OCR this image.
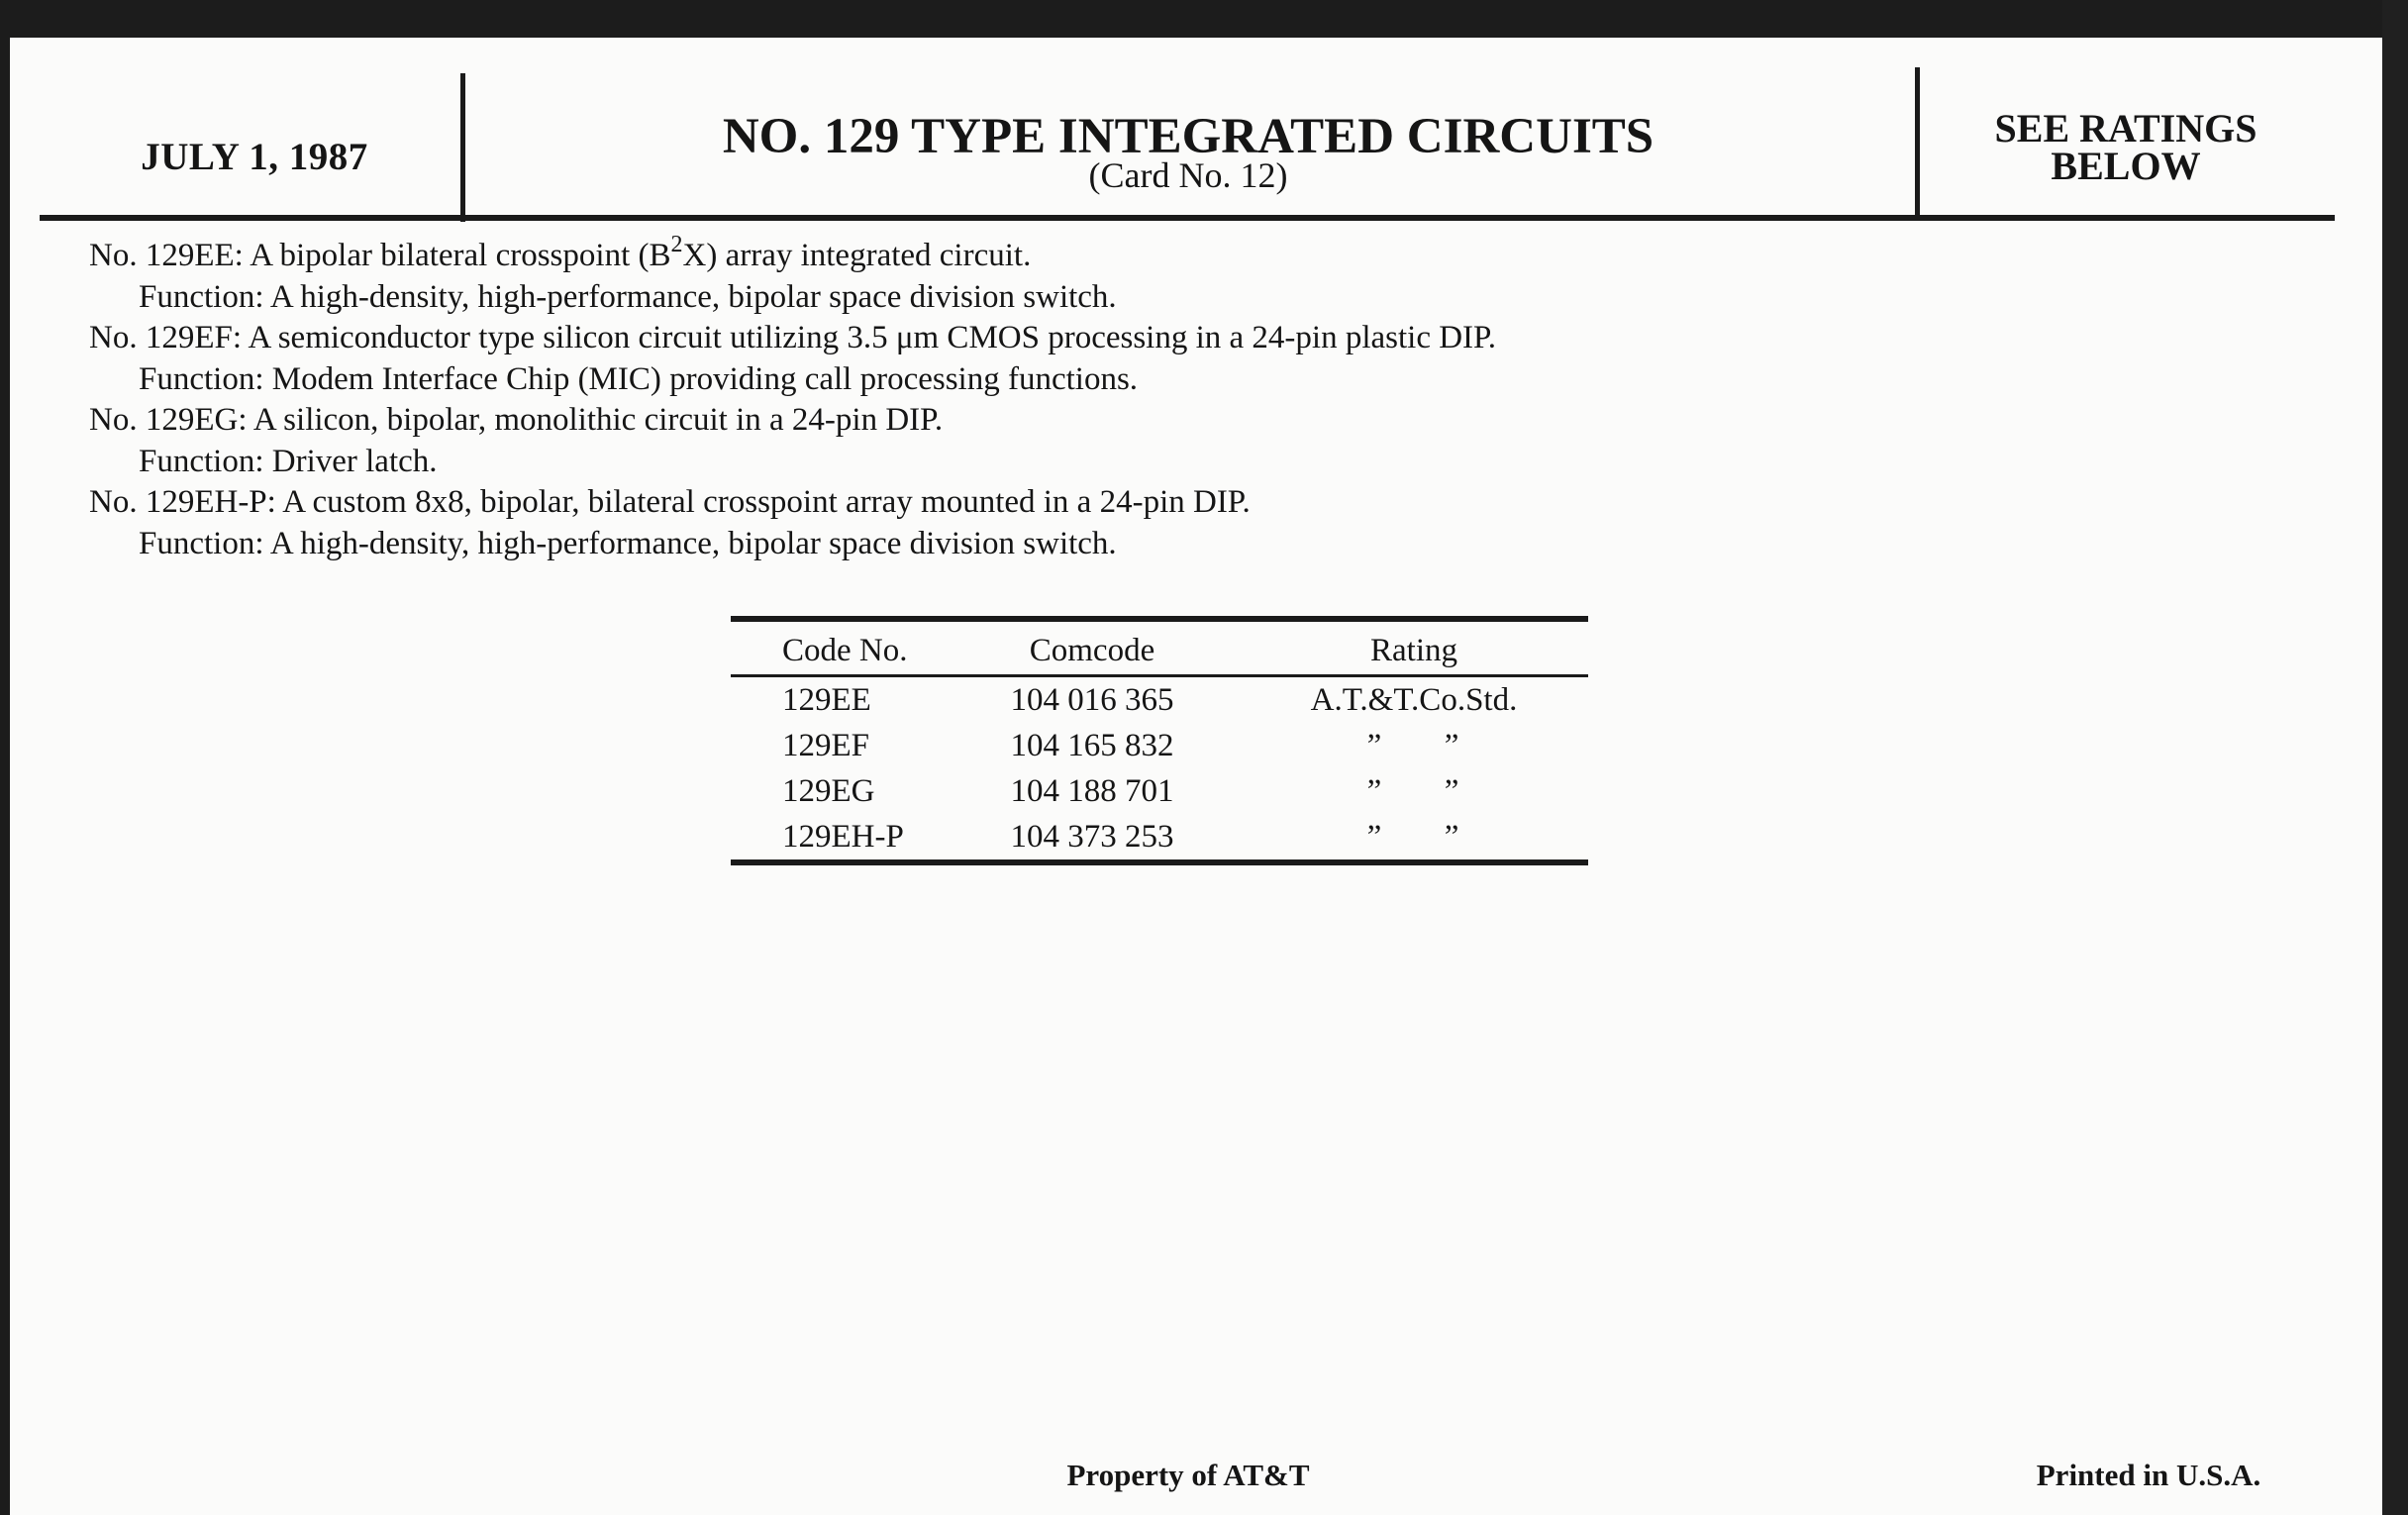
JULY 1, 1987	NO. 129 TYPE INTEGRATED CIRCUITS
(Card No. 12)
SEE RATINGS
BELOW
No. 129EE: A bipolar bilateral crosspoint $(B^2X)$ array integrated circuit.
Function: A high-density, high-performance, bipolar space division switch.
No. 129EF: A semiconductor type silicon circuit utilizing 3.5 μm CMOS processing in a 24-pin plastic DIP.
Function: Modem Interface Chip (MIC) providing call processing functions.
No. 129EG: A silicon, bipolar, monolithic circuit in a 24-pin DIP.
Function: Driver latch.
No. 129EH-P: A custom 8x8, bipolar, bilateral crosspoint array mounted in a 24-pin DIP.
Function: A high-density, high-performance, bipolar space division switch.
Code No.	Comcode	Rating
129EE	104 016 365	A.T.&T.Co.Std.
129EF	104 165 832	”      ”
129EG	104 188 701	”      ”
129EH-P	104 373 253	”      ”
Property of AT&T	Printed in U.S.A.
